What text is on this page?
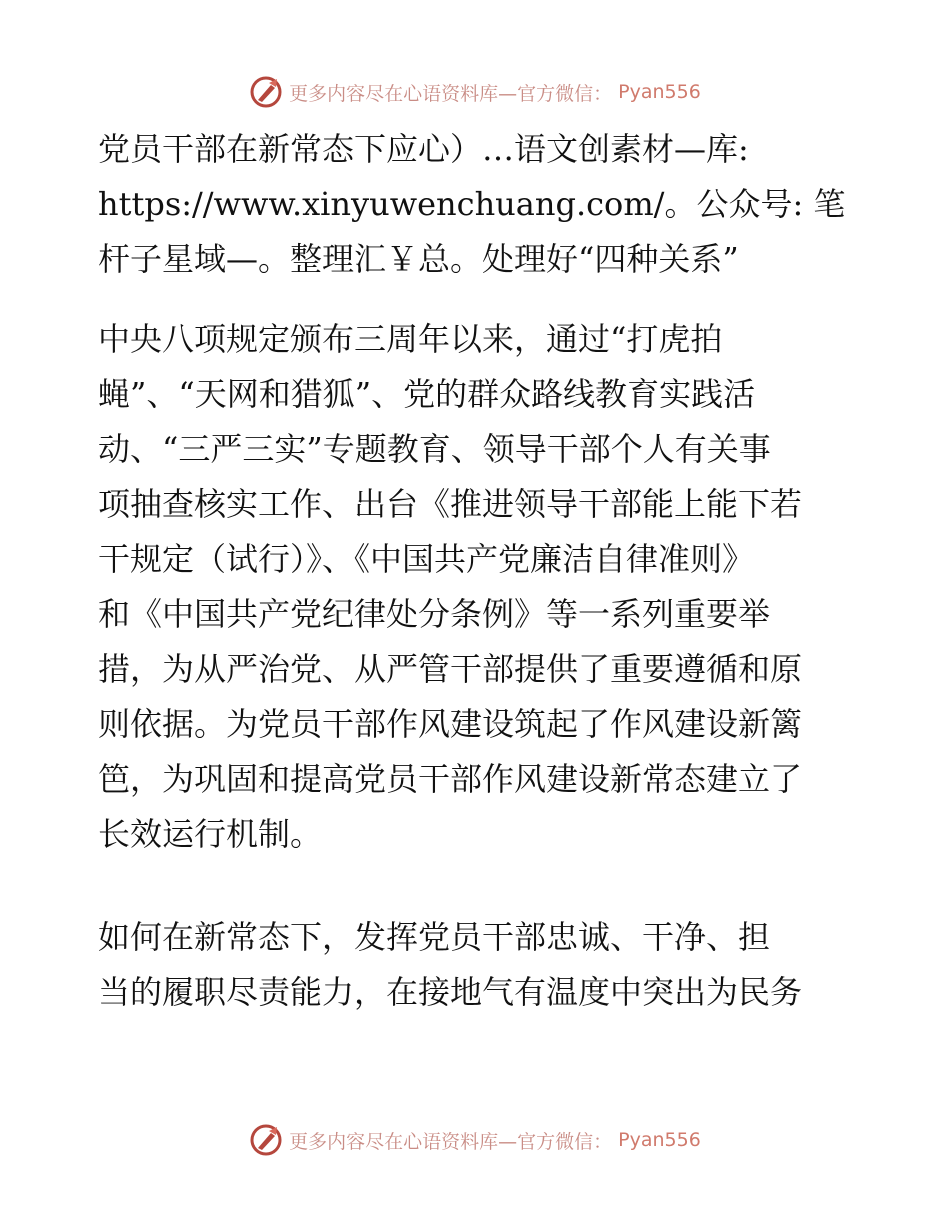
更多内容尽在心语资料库—官方微信： Pyan556
党员干部在新常态下应心）…语文创素材—库:
https://www.xinyuwenchuang.com/。公众号: 笔
杆子星域—。整理汇￥总。处理好“四种关系”
中央八项规定颁布三周年以来，通过“打虎拍
蝇”、“天网和猎狐”、党的群众路线教育实践活
动、“三严三实”专题教育、领导干部个人有关事
项抽查核实工作、出台《推进领导干部能上能下若
干规定（试行）》、《中国共产党廉洁自律准则》
和《中国共产党纪律处分条例》等一系列重要举
措，为从严治党、从严管干部提供了重要遵循和原
则依据。为党员干部作风建设筑起了作风建设新篱
笆，为巩固和提高党员干部作风建设新常态建立了
长效运行机制。
如何在新常态下，发挥党员干部忠诚、干净、担
当的履职尽责能力，在接地气有温度中突出为民务
更多内容尽在心语资料库—官方微信： Pyan556
